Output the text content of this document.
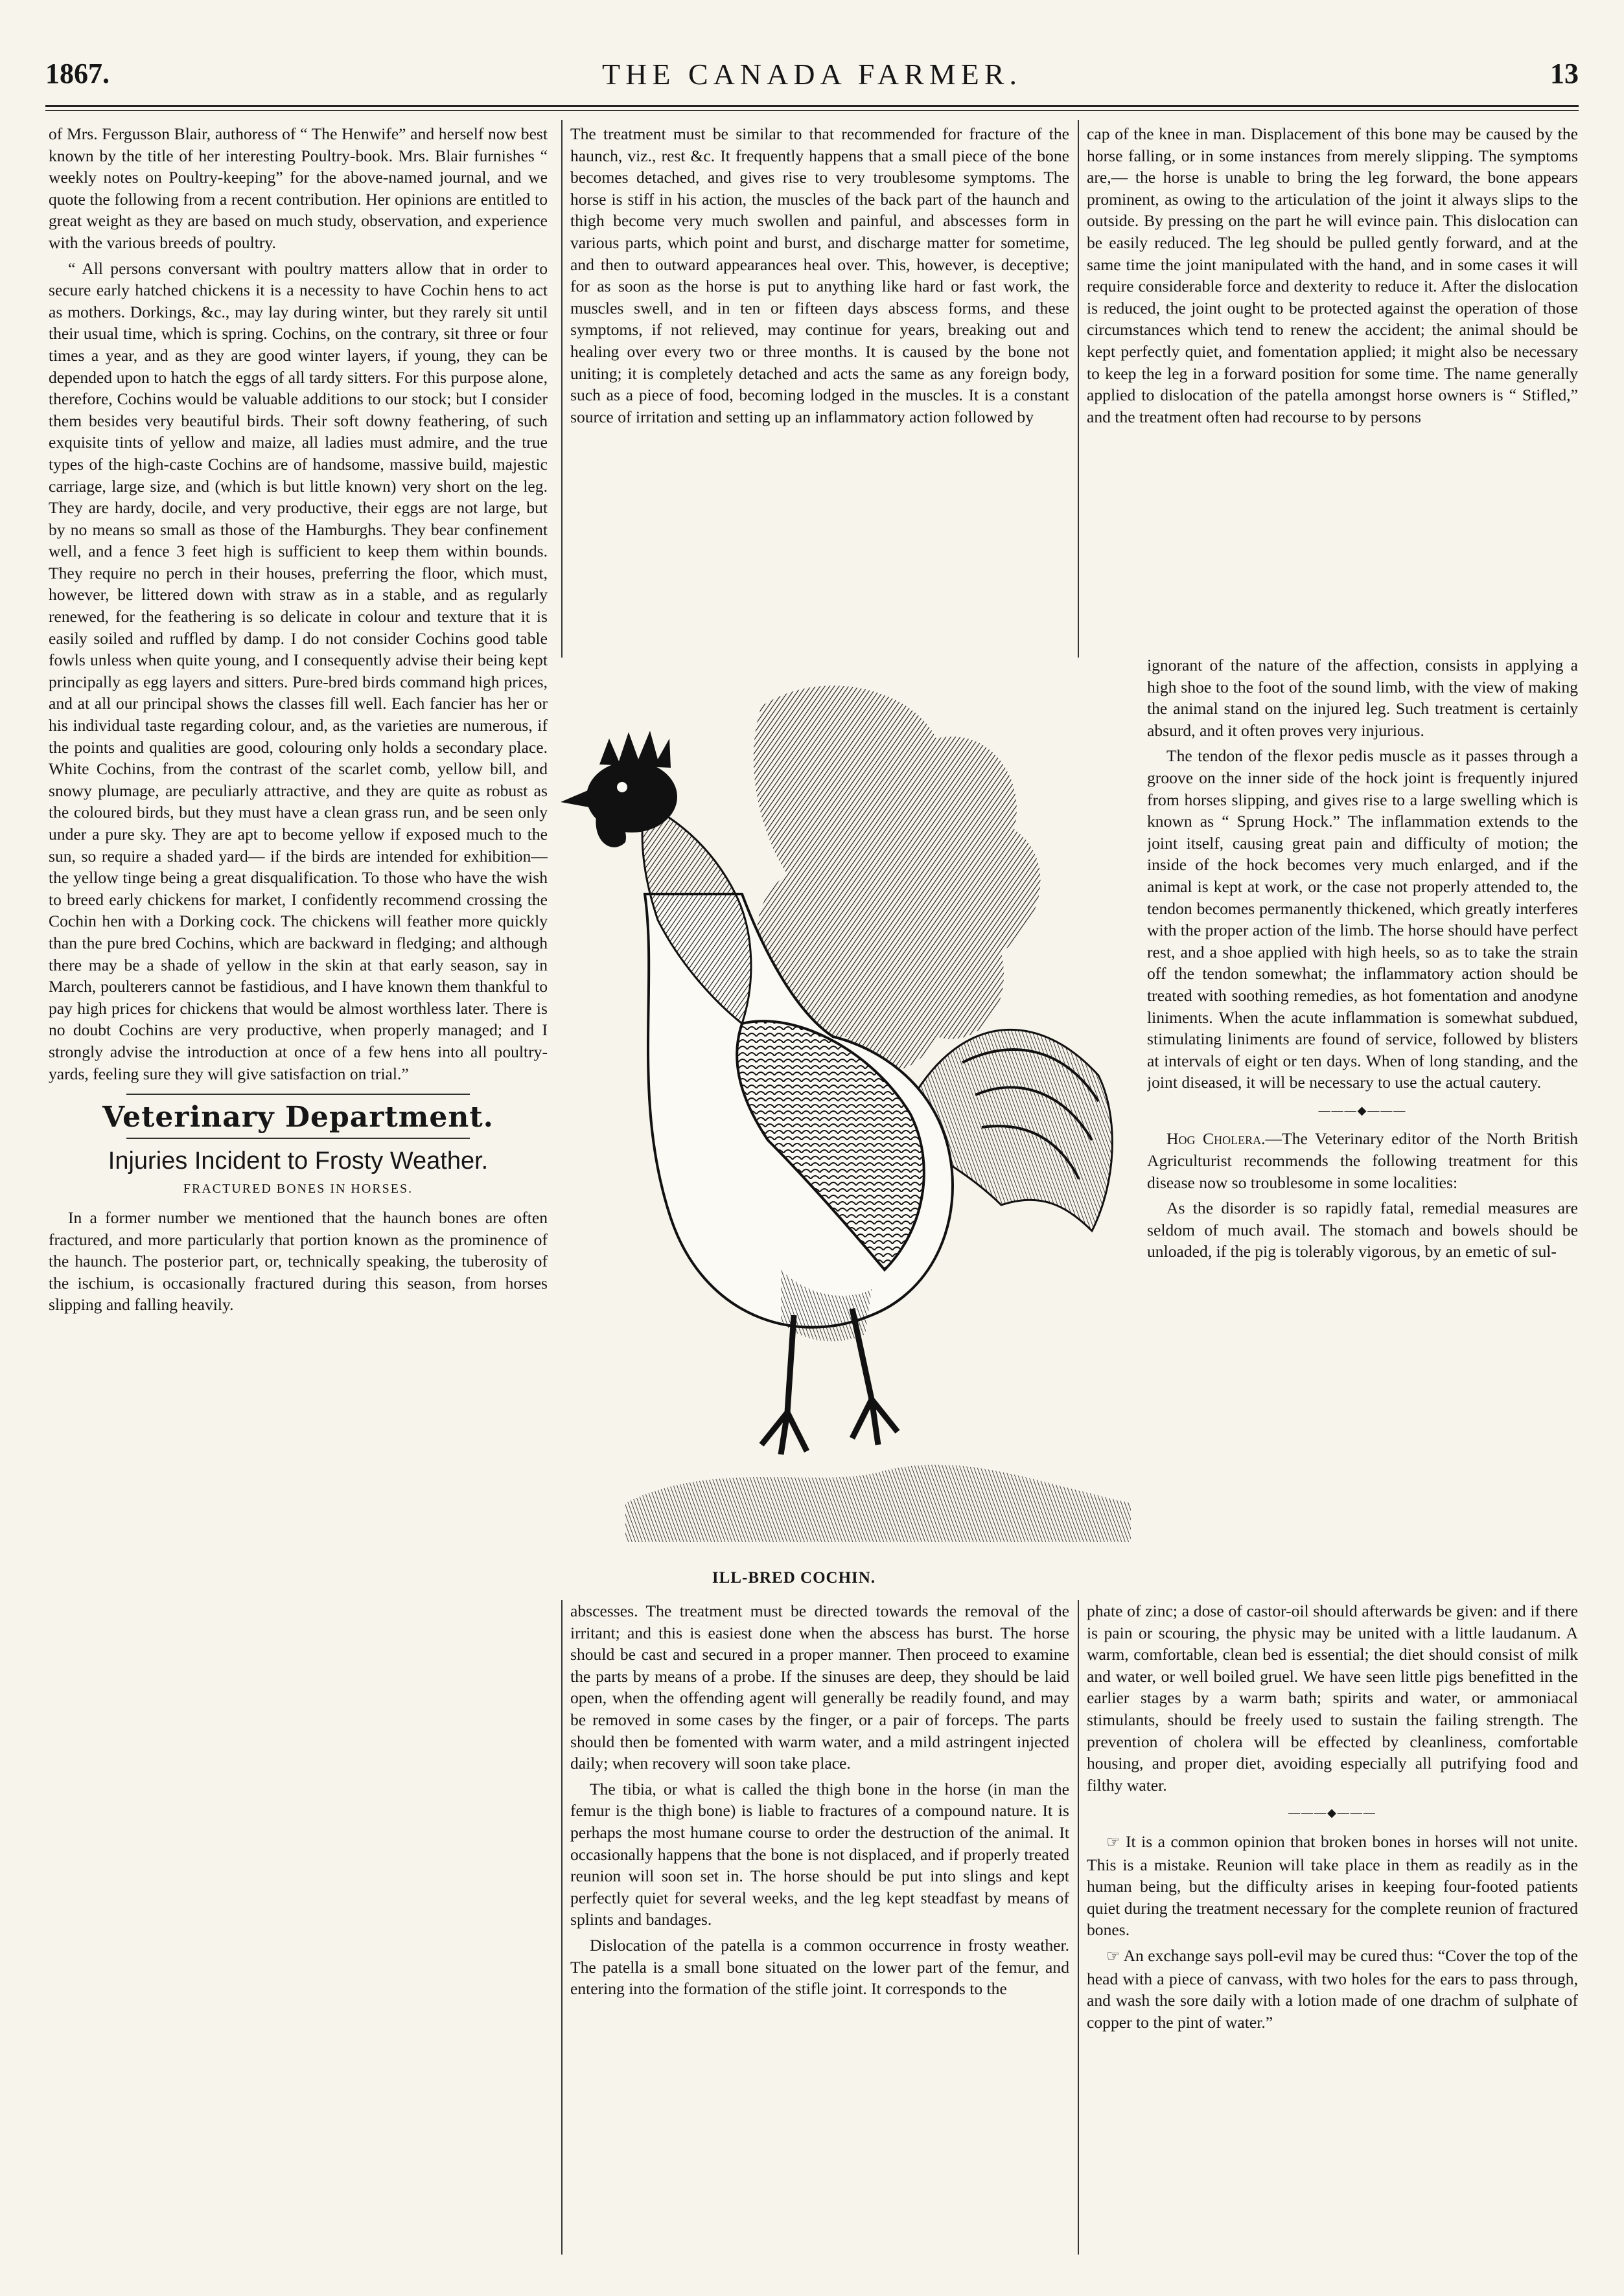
1867.	THE CANADA FARMER.	13

of Mrs. Fergusson Blair, authoress of “ The Henwife” and herself now best known by the title of her interesting Poultry-book. Mrs. Blair furnishes “ weekly notes on Poultry-keeping” for the above-named journal, and we quote the following from a recent contribution. Her opinions are entitled to great weight as they are based on much study, observation, and experience with the various breeds of poultry.

“ All persons conversant with poultry matters allow that in order to secure early hatched chickens it is a necessity to have Cochin hens to act as mothers. Dorkings, &c., may lay during winter, but they rarely sit until their usual time, which is spring. Cochins, on the contrary, sit three or four times a year, and as they are good winter layers, if young, they can be depended upon to hatch the eggs of all tardy sitters. For this purpose alone, therefore, Cochins would be valuable additions to our stock; but I consider them besides very beautiful birds. Their soft downy feathering, of such exquisite tints of yellow and maize, all ladies must admire, and the true types of the high-caste Cochins are of handsome, massive build, majestic carriage, large size, and (which is but little known) very short on the leg. They are hardy, docile, and very productive, their eggs are not large, but by no means so small as those of the Hamburghs. They bear confinement well, and a fence 3 feet high is sufficient to keep them within bounds. They require no perch in their houses, preferring the floor, which must, however, be littered down with straw as in a stable, and as regularly renewed, for the feathering is so delicate in colour and texture that it is easily soiled and ruffled by damp. I do not consider Cochins good table fowls unless when quite young, and I consequently advise their being kept principally as egg layers and sitters. Pure-bred birds command high prices, and at all our principal shows the classes fill well. Each fancier has her or his individual taste regarding colour, and, as the varieties are numerous, if the points and qualities are good, colouring only holds a secondary place. White Cochins, from the contrast of the scarlet comb, yellow bill, and snowy plumage, are peculiarly attractive, and they are quite as robust as the coloured birds, but they must have a clean grass run, and be seen only under a pure sky. They are apt to become yellow if exposed much to the sun, so require a shaded yard— if the birds are intended for exhibition—the yellow tinge being a great disqualification. To those who have the wish to breed early chickens for market, I confidently recommend crossing the Cochin hen with a Dorking cock. The chickens will feather more quickly than the pure bred Cochins, which are backward in fledging; and although there may be a shade of yellow in the skin at that early season, say in March, poulterers cannot be fastidious, and I have known them thankful to pay high prices for chickens that would be almost worthless later. There is no doubt Cochins are very productive, when properly managed; and I strongly advise the introduction at once of a few hens into all poultry-yards, feeling sure they will give satisfaction on trial.”

Veterinary Department.
Injuries Incident to Frosty Weather.
FRACTURED BONES IN HORSES.

In a former number we mentioned that the haunch bones are often fractured, and more particularly that portion known as the prominence of the haunch. The posterior part, or, technically speaking, the tuberosity of the ischium, is occasionally fractured during this season, from horses slipping and falling heavily.

The treatment must be similar to that recommended for fracture of the haunch, viz., rest &c. It frequently happens that a small piece of the bone becomes detached, and gives rise to very troublesome symptoms. The horse is stiff in his action, the muscles of the back part of the haunch and thigh become very much swollen and painful, and abscesses form in various parts, which point and burst, and discharge matter for sometime, and then to outward appearances heal over. This, however, is deceptive; for as soon as the horse is put to anything like hard or fast work, the muscles swell, and in ten or fifteen days abscess forms, and these symptoms, if not relieved, may continue for years, breaking out and healing over every two or three months. It is caused by the bone not uniting; it is completely detached and acts the same as any foreign body, such as a piece of food, becoming lodged in the muscles. It is a constant source of irritation and setting up an inflammatory action followed by

cap of the knee in man. Displacement of this bone may be caused by the horse falling, or in some instances from merely slipping. The symptoms are,— the horse is unable to bring the leg forward, the bone appears prominent, as owing to the articulation of the joint it always slips to the outside. By pressing on the part he will evince pain. This dislocation can be easily reduced. The leg should be pulled gently forward, and at the same time the joint manipulated with the hand, and in some cases it will require considerable force and dexterity to reduce it. After the dislocation is reduced, the joint ought to be protected against the operation of those circumstances which tend to renew the accident; the animal should be kept perfectly quiet, and fomentation applied; it might also be necessary to keep the leg in a forward position for some time. The name generally applied to dislocation of the patella amongst horse owners is “ Stifled,” and the treatment often had recourse to by persons

ignorant of the nature of the affection, consists in applying a high shoe to the foot of the sound limb, with the view of making the animal stand on the injured leg. Such treatment is certainly absurd, and it often proves very injurious.

The tendon of the flexor pedis muscle as it passes through a groove on the inner side of the hock joint is frequently injured from horses slipping, and gives rise to a large swelling which is known as “ Sprung Hock.” The inflammation extends to the joint itself, causing great pain and difficulty of motion; the inside of the hock becomes very much enlarged, and if the animal is kept at work, or the case not properly attended to, the tendon becomes permanently thickened, which greatly interferes with the proper action of the limb. The horse should have perfect rest, and a shoe applied with high heels, so as to take the strain off the tendon somewhat; the inflammatory action should be treated with soothing remedies, as hot fomentation and anodyne liniments. When the acute inflammation is somewhat subdued, stimulating liniments are found of service, followed by blisters at intervals of eight or ten days. When of long standing, and the joint diseased, it will be necessary to use the actual cautery.

———◆———

Hog Cholera.—The Veterinary editor of the North British Agriculturist recommends the following treatment for this disease now so troublesome in some localities:

As the disorder is so rapidly fatal, remedial measures are seldom of much avail. The stomach and bowels should be unloaded, if the pig is tolerably vigorous, by an emetic of sul-

ILL-BRED COCHIN.

abscesses. The treatment must be directed towards the removal of the irritant; and this is easiest done when the abscess has burst. The horse should be cast and secured in a proper manner. Then proceed to examine the parts by means of a probe. If the sinuses are deep, they should be laid open, when the offending agent will generally be readily found, and may be removed in some cases by the finger, or a pair of forceps. The parts should then be fomented with warm water, and a mild astringent injected daily; when recovery will soon take place.

The tibia, or what is called the thigh bone in the horse (in man the femur is the thigh bone) is liable to fractures of a compound nature. It is perhaps the most humane course to order the destruction of the animal. It occasionally happens that the bone is not displaced, and if properly treated reunion will soon set in. The horse should be put into slings and kept perfectly quiet for several weeks, and the leg kept steadfast by means of splints and bandages.

Dislocation of the patella is a common occurrence in frosty weather. The patella is a small bone situated on the lower part of the femur, and entering into the formation of the stifle joint. It corresponds to the

phate of zinc; a dose of castor-oil should afterwards be given: and if there is pain or scouring, the physic may be united with a little laudanum. A warm, comfortable, clean bed is essential; the diet should consist of milk and water, or well boiled gruel. We have seen little pigs benefitted in the earlier stages by a warm bath; spirits and water, or ammoniacal stimulants, should be freely used to sustain the failing strength. The prevention of cholera will be effected by cleanliness, comfortable housing, and proper diet, avoiding especially all putrifying food and filthy water.

———◆———

☞ It is a common opinion that broken bones in horses will not unite. This is a mistake. Reunion will take place in them as readily as in the human being, but the difficulty arises in keeping four-footed patients quiet during the treatment necessary for the complete reunion of fractured bones.

☞ An exchange says poll-evil may be cured thus: “Cover the top of the head with a piece of canvass, with two holes for the ears to pass through, and wash the sore daily with a lotion made of one drachm of sulphate of copper to the pint of water.”
